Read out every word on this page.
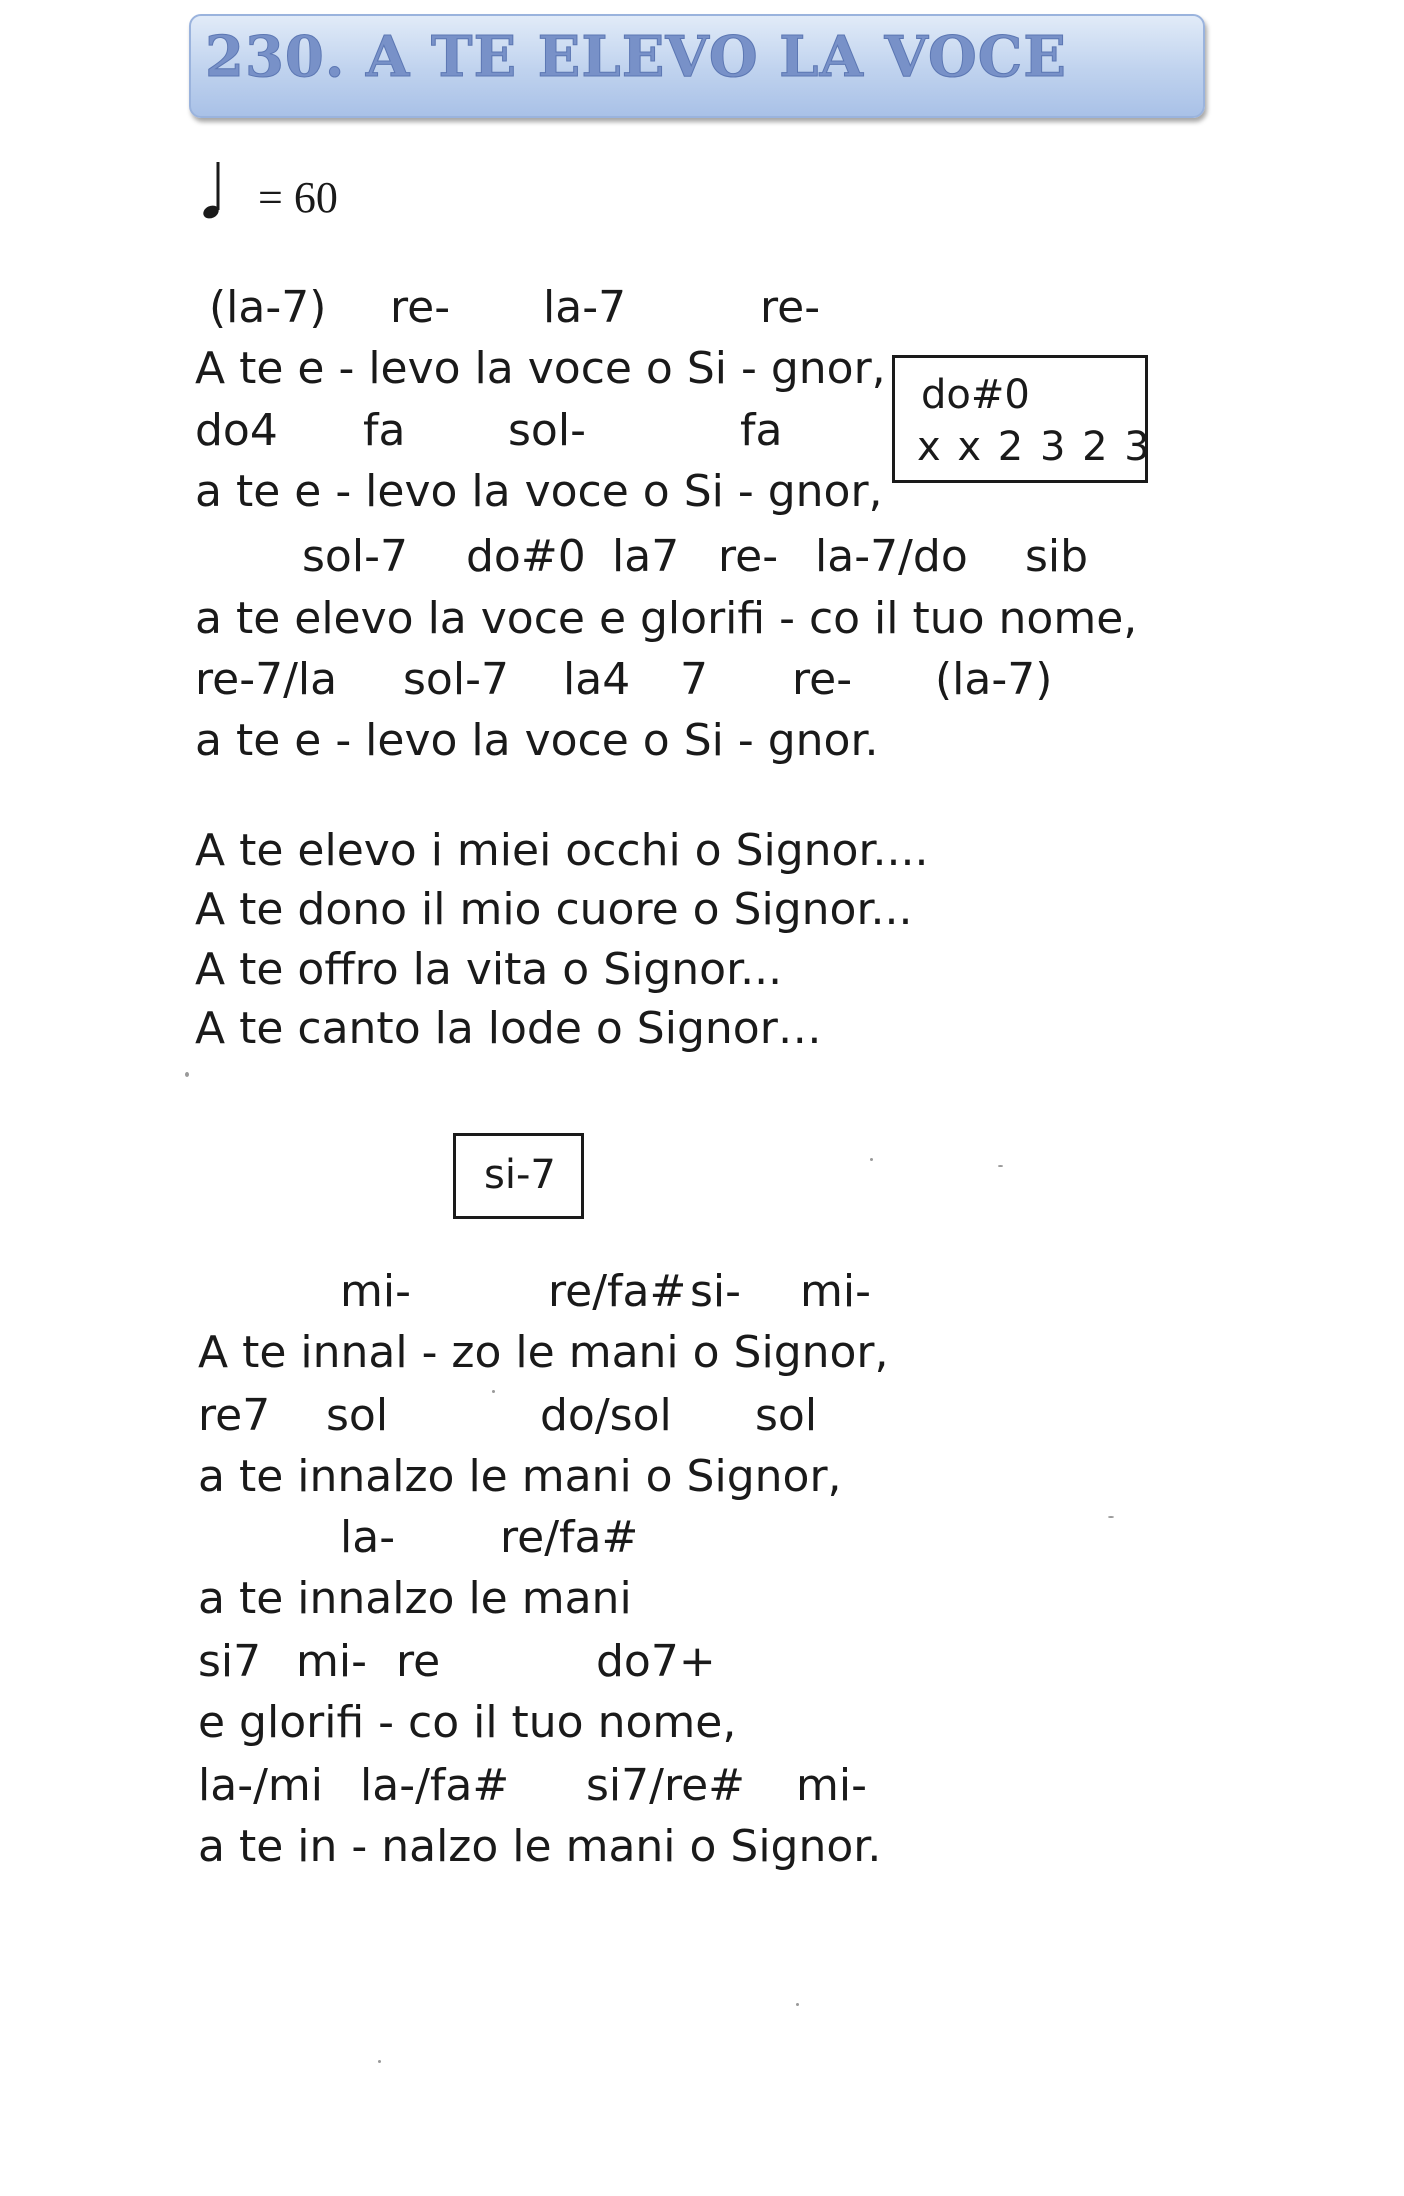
230. A TE ELEVO LA VOCE
= 60
(la-7) re- la-7	re-
A te e - levo la voce o Si - gnor,
do4 fa sol-	fa
a te e - levo la voce o Si - gnor,
sol-7 do#0 la7 re- la-7/do sib
a te elevo la voce e glorifi - co il tuo nome,
re-7/la sol-7 la4 7 re- (la-7)
a te e - levo la voce o Si - gnor.
do#0
x x 2 3 2 3
A te elevo i miei occhi o Signor....
A te dono il mio cuore o Signor...
A te offro la vita o Signor...
A te canto la lode o Signor…
si-7
mi-	re/fa# si- mi-
A te innal - zo le mani o Signor,
re7 sol	do/sol sol
a te innalzo le mani o Signor,
la- re/fa#
a te innalzo le mani
si7 mi- re	do7+
e glorifi - co il tuo nome,
la-/mi la-/fa# si7/re# mi-
a te in - nalzo le mani o Signor.
